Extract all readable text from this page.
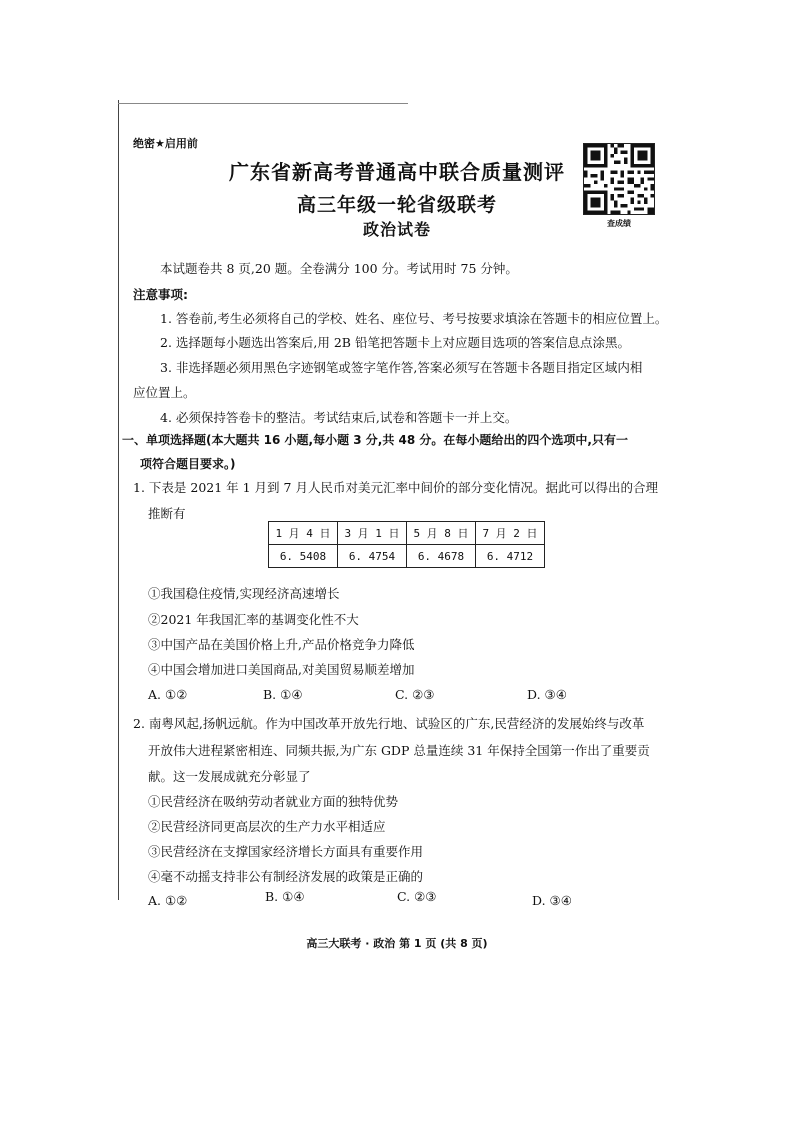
绝密★启用前
广东省新高考普通高中联合质量测评
高三年级一轮省级联考
政治试卷	查成绩
本试题卷共 8 页,20 题。全卷满分 100 分。考试用时 75 分钟。
注意事项:
1. 答卷前,考生必须将自己的学校、姓名、座位号、考号按要求填涂在答题卡的相应位置上。
2. 选择题每小题选出答案后,用 2B 铅笔把答题卡上对应题目选项的答案信息点涂黑。
3. 非选择题必须用黑色字迹钢笔或签字笔作答,答案必须写在答题卡各题目指定区域内相
应位置上。
4. 必须保持答卷卡的整洁。考试结束后,试卷和答题卡一并上交。
一、单项选择题(本大题共 16 小题,每小题 3 分,共 48 分。在每小题给出的四个选项中,只有一
项符合题目要求。)
1. 下表是 2021 年 1 月到 7 月人民币对美元汇率中间价的部分变化情况。据此可以得出的合理
推断有
1 月 4 日	3 月 1 日	5 月 8 日	7 月 2 日
6. 5408	6. 4754	6. 4678	6. 4712
①我国稳住疫情,实现经济高速增长
②2021 年我国汇率的基调变化性不大
③中国产品在美国价格上升,产品价格竞争力降低
④中国会增加进口美国商品,对美国贸易顺差增加
A. ①②	B. ①④	C. ②③	D. ③④
2. 南粤风起,扬帆远航。作为中国改革开放先行地、试验区的广东,民营经济的发展始终与改革
开放伟大进程紧密相连、同频共振,为广东 GDP 总量连续 31 年保持全国第一作出了重要贡
献。这一发展成就充分彰显了
①民营经济在吸纳劳动者就业方面的独特优势
②民营经济同更高层次的生产力水平相适应
③民营经济在支撑国家经济增长方面具有重要作用
④毫不动摇支持非公有制经济发展的政策是正确的
A. ①②	B. ①④	C. ②③	D. ③④
高三大联考 · 政治 第 1 页 (共 8 页)
